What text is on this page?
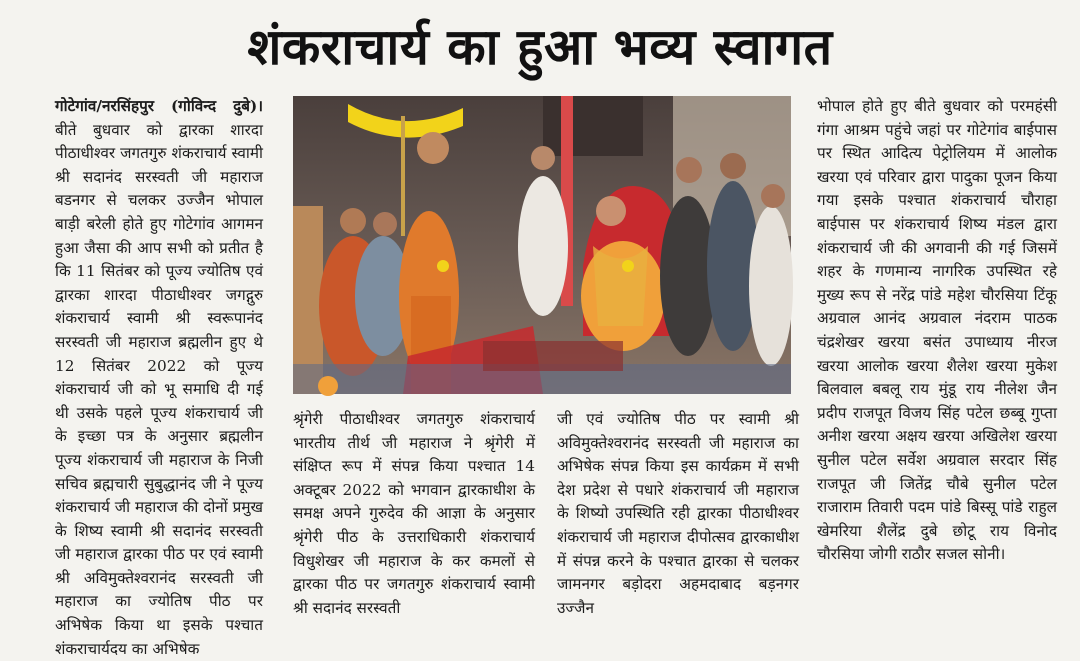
शंकराचार्य का हुआ भव्य स्वागत
गोटेगांव/नरसिंहपुर (गोविन्द दुबे)। बीते बुधवार को द्वारका शारदा पीठाधीश्वर जगतगुरु शंकराचार्य स्वामी श्री सदानंद सरस्वती जी महाराज बडनगर से चलकर उज्जैन भोपाल बाड़ी बरेली होते हुए गोटेगांव आगमन हुआ जैसा की आप सभी को प्रतीत है कि 11 सितंबर को पूज्य ज्योतिष एवं द्वारका शारदा पीठाधीश्वर जगद्गुरु शंकराचार्य स्वामी श्री स्वरूपानंद सरस्वती जी महाराज ब्रह्मलीन हुए थे 12 सितंबर 2022 को पूज्य शंकराचार्य जी को भू समाधि दी गई थी उसके पहले पूज्य शंकराचार्य जी के इच्छा पत्र के अनुसार ब्रह्मलीन पूज्य शंकराचार्य जी महाराज के निजी सचिव ब्रह्मचारी सुबुद्धानंद जी ने पूज्य शंकराचार्य जी महाराज की दोनों प्रमुख के शिष्य स्वामी श्री सदानंद सरस्वती जी महाराज द्वारका पीठ पर एवं स्वामी श्री अविमुक्तेश्वरानंद सरस्वती जी महाराज का ज्योतिष पीठ पर अभिषेक किया था इसके पश्चात शंकराचार्यदय का अभिषेक
श्रृंगेरी पीठाधीश्वर जगतगुरु शंकराचार्य भारतीय तीर्थ जी महाराज ने श्रृंगेरी में संक्षिप्त रूप में संपन्न किया पश्चात 14 अक्टूबर 2022 को भगवान द्वारकाधीश के समक्ष अपने गुरुदेव की आज्ञा के अनुसार श्रृंगेरी पीठ के उत्तराधिकारी शंकराचार्य विधुशेखर जी महाराज के कर कमलों से द्वारका पीठ पर जगतगुरु शंकराचार्य स्वामी श्री सदानंद सरस्वती
जी एवं ज्योतिष पीठ पर स्वामी श्री अविमुक्तेश्वरानंद सरस्वती जी महाराज का अभिषेक संपन्न किया इस कार्यक्रम में सभी देश प्रदेश से पधारे शंकराचार्य जी महाराज के शिष्यो उपस्थिति रही द्वारका पीठाधीश्वर शंकराचार्य जी महाराज दीपोत्सव द्वारकाधीश में संपन्न करने के पश्चात द्वारका से चलकर जामनगर बड़ोदरा अहमदाबाद बड़नगर उज्जैन
भोपाल होते हुए बीते बुधवार को परमहंसी गंगा आश्रम पहुंचे जहां पर गोटेगांव बाईपास पर स्थित आदित्य पेट्रोलियम में आलोक खरया एवं परिवार द्वारा पादुका पूजन किया गया इसके पश्चात शंकराचार्य चौराहा बाईपास पर शंकराचार्य शिष्य मंडल द्वारा शंकराचार्य जी की अगवानी की गई जिसमें शहर के गणमान्य नागरिक उपस्थित रहे मुख्य रूप से नरेंद्र पांडे महेश चौरसिया टिंकू अग्रवाल आनंद अग्रवाल नंदराम पाठक चंद्रशेखर खरया बसंत उपाध्याय नीरज खरया आलोक खरया शैलेश खरया मुकेश बिलवाल बबलू राय मुंडू राय नीलेश जैन प्रदीप राजपूत विजय सिंह पटेल छब्बू गुप्ता अनीश खरया अक्षय खरया अखिलेश खरया सुनील पटेल सर्वेश अग्रवाल सरदार सिंह राजपूत जी जितेंद्र चौबे सुनील पटेल राजाराम तिवारी पदम पांडे बिस्सू पांडे राहुल खेमरिया शैलेंद्र दुबे छोटू राय विनोद चौरसिया जोगी राठौर सजल सोनी।
